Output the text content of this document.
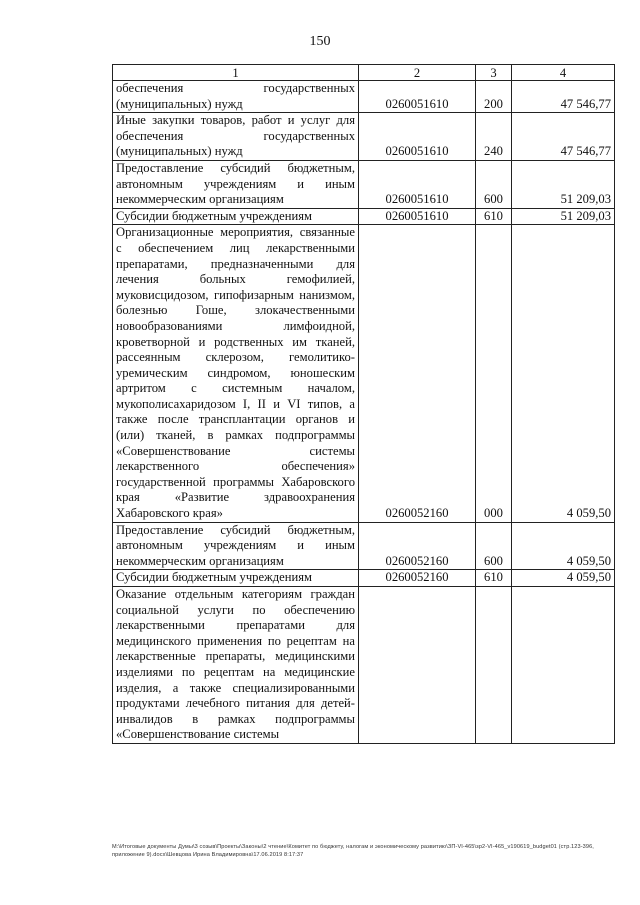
150
1	2	3	4
обеспечения государственных (муниципальных) нужд	0260051610	200	47 546,77
Иные закупки товаров, работ и услуг для обеспечения государственных (муниципальных) нужд	0260051610	240	47 546,77
Предоставление субсидий бюджетным, автономным учреждениям и иным некоммерческим организациям	0260051610	600	51 209,03
Субсидии бюджетным учреждениям	0260051610	610	51 209,03
Организационные мероприятия, связанные с обеспечением лиц лекарственными препаратами, предназначенными для лечения больных гемофилией, муковисцидозом, гипофизарным нанизмом, болезнью Гоше, злокачественными новообразованиями лимфоидной, кроветворной и родственных им тканей, рассеянным склерозом, гемолитико-уремическим синдромом, юношеским артритом с системным началом, мукополисахаридозом I, II и VI типов, а также после трансплантации органов и (или) тканей, в рамках подпрограммы «Совершенствование системы лекарственного обеспечения» государственной программы Хабаровского края «Развитие здравоохранения Хабаровского края»	0260052160	000	4 059,50
Предоставление субсидий бюджетным, автономным учреждениям и иным некоммерческим организациям	0260052160	600	4 059,50
Субсидии бюджетным учреждениям	0260052160	610	4 059,50
Оказание отдельным категориям граждан социальной услуги по обеспечению лекарственными препаратами для медицинского применения по рецептам на лекарственные препараты, медицинскими изделиями по рецептам на медицинские изделия, а также специализированными продуктами лечебного питания для детей-инвалидов в рамках подпрограммы «Совершенствование системы			
M:\Итоговые документы Думы\3 созыв\Проекты\Законы\2 чтение\Комитет по бюджету, налогам и экономическому развитию\ЗП-VI-465\зр2-VI-465_v190619_budget01 (стр.123-396, приложение 9).docx\Шевцова Ирина Владимировна\17.06.2019 8:17:37
